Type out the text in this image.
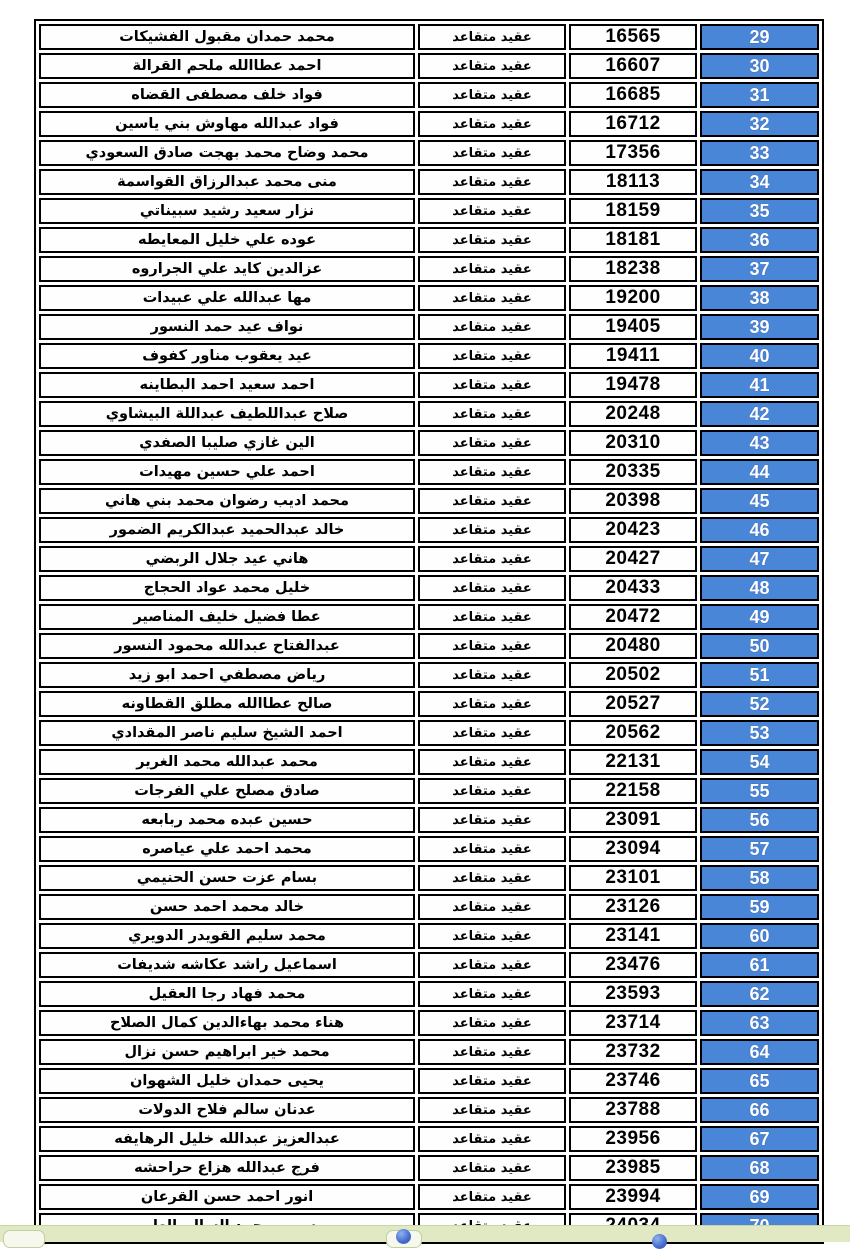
29	16565	عقيد متقاعد	محمد حمدان مقبول الفشيكات
30	16607	عقيد متقاعد	احمد عطاالله ملحم القرالة
31	16685	عقيد متقاعد	فواد خلف مصطفى القضاه
32	16712	عقيد متقاعد	فواد عبدالله مهاوش بني ياسين
33	17356	عقيد متقاعد	محمد وضاح محمد بهجت صادق السعودي
34	18113	عقيد متقاعد	منى محمد عبدالرزاق القواسمة
35	18159	عقيد متقاعد	نزار سعيد رشيد سبيناتي
36	18181	عقيد متقاعد	عوده علي خليل المعايطه
37	18238	عقيد متقاعد	عزالدين كايد علي الجراروه
38	19200	عقيد متقاعد	مها عبدالله علي عبيدات
39	19405	عقيد متقاعد	نواف عيد حمد النسور
40	19411	عقيد متقاعد	عيد يعقوب مناور كفوف
41	19478	عقيد متقاعد	احمد سعيد احمد البطاينه
42	20248	عقيد متقاعد	صلاح عبداللطيف عبداللة البيشاوي
43	20310	عقيد متقاعد	الين غازي صليبا الصفدي
44	20335	عقيد متقاعد	احمد علي حسين مهيدات
45	20398	عقيد متقاعد	محمد اديب رضوان محمد بني هاني
46	20423	عقيد متقاعد	خالد عبدالحميد عبدالكريم الضمور
47	20427	عقيد متقاعد	هاني عيد جلال الربضي
48	20433	عقيد متقاعد	خليل محمد عواد الحجاج
49	20472	عقيد متقاعد	عطا فضيل خليف المناصير
50	20480	عقيد متقاعد	عبدالفتاح عبدالله محمود النسور
51	20502	عقيد متقاعد	رياض مصطفي احمد ابو زيد
52	20527	عقيد متقاعد	صالح عطاالله مطلق القطاونه
53	20562	عقيد متقاعد	احمد الشيخ سليم ناصر المقدادي
54	22131	عقيد متقاعد	محمد عبدالله محمد الغرير
55	22158	عقيد متقاعد	صادق مصلح علي الفرجات
56	23091	عقيد متقاعد	حسين عبده محمد ربابعه
57	23094	عقيد متقاعد	محمد احمد علي عياصره
58	23101	عقيد متقاعد	بسام عزت حسن الحنيمي
59	23126	عقيد متقاعد	خالد محمد احمد حسن
60	23141	عقيد متقاعد	محمد سليم القويدر الدويري
61	23476	عقيد متقاعد	اسماعيل راشد عكاشه شديفات
62	23593	عقيد متقاعد	محمد فهاد رجا العقيل
63	23714	عقيد متقاعد	هناء محمد بهاءالدين كمال الصلاح
64	23732	عقيد متقاعد	محمد خير ابراهيم حسن نزال
65	23746	عقيد متقاعد	يحيى حمدان خليل الشهوان
66	23788	عقيد متقاعد	عدنان سالم فلاح الدولات
67	23956	عقيد متقاعد	عبدالعزيز عبدالله خليل الرهايفه
68	23985	عقيد متقاعد	فرج عبدالله هزاع حراحشه
69	23994	عقيد متقاعد	انور احمد حسن القرعان
